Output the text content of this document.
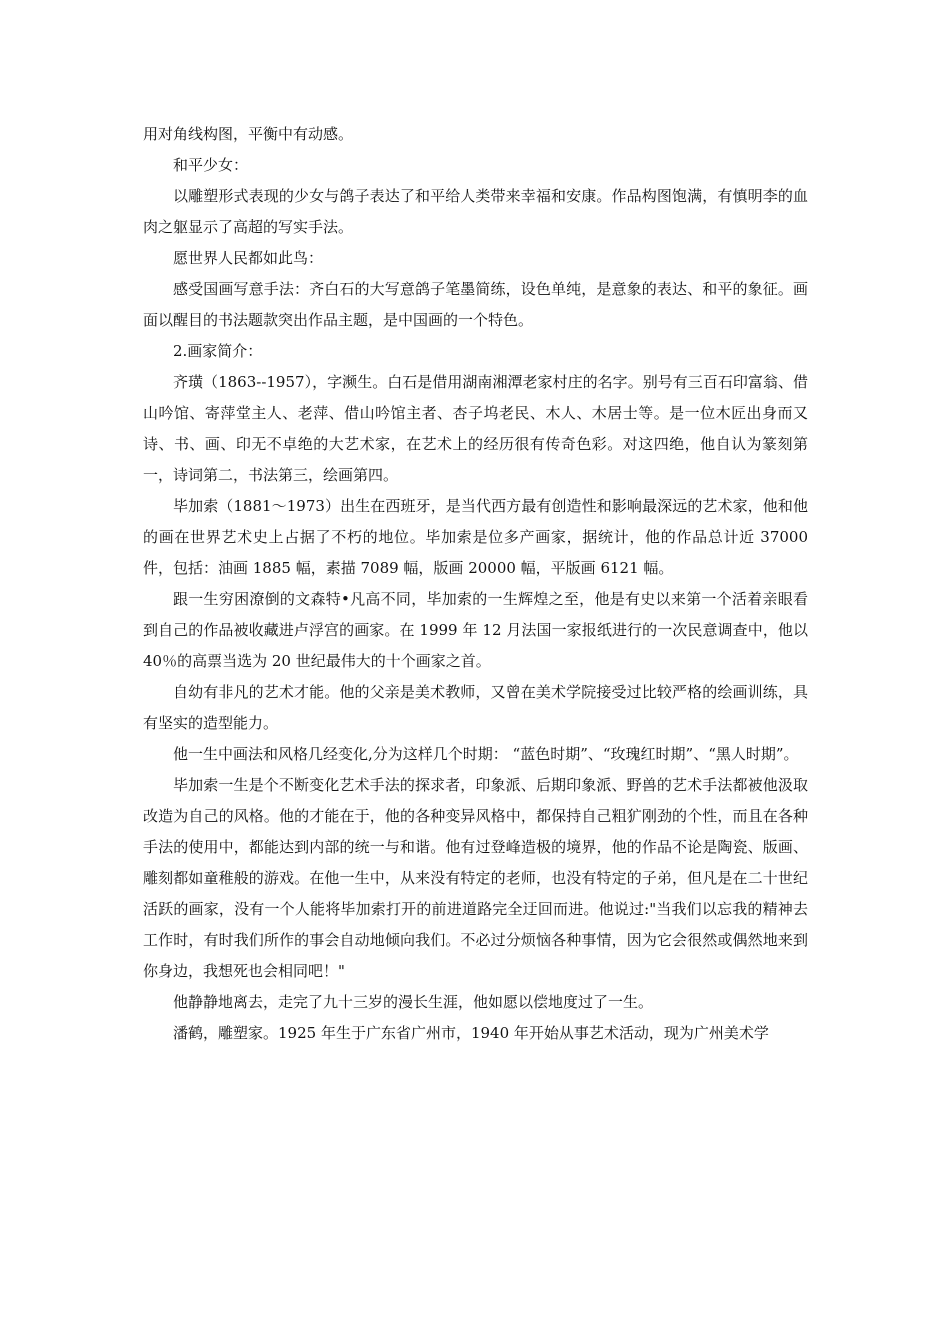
用对角线构图，平衡中有动感。

和平少女：

以雕塑形式表现的少女与鸽子表达了和平给人类带来幸福和安康。作品构图饱满，有慎明李的血肉之躯显示了高超的写实手法。

愿世界人民都如此鸟：

感受国画写意手法：齐白石的大写意鸽子笔墨简练，设色单纯，是意象的表达、和平的象征。画面以醒目的书法题款突出作品主题，是中国画的一个特色。

2.画家简介：

齐璜（1863--1957），字濒生。白石是借用湖南湘潭老家村庄的名字。别号有三百石印富翁、借山吟馆、寄萍堂主人、老萍、借山吟馆主者、杏子坞老民、木人、木居士等。是一位木匠出身而又诗、书、画、印无不卓绝的大艺术家，在艺术上的经历很有传奇色彩。对这四绝，他自认为篆刻第一，诗词第二，书法第三，绘画第四。

毕加索（1881～1973）出生在西班牙，是当代西方最有创造性和影响最深远的艺术家，他和他的画在世界艺术史上占据了不朽的地位。毕加索是位多产画家，据统计，他的作品总计近 37000 件，包括：油画 1885 幅，素描 7089 幅，版画 20000 幅，平版画 6121 幅。

跟一生穷困潦倒的文森特•凡高不同，毕加索的一生辉煌之至，他是有史以来第一个活着亲眼看到自己的作品被收藏进卢浮宫的画家。在 1999 年 12 月法国一家报纸进行的一次民意调查中，他以 40％的高票当选为 20 世纪最伟大的十个画家之首。

自幼有非凡的艺术才能。他的父亲是美术教师，又曾在美术学院接受过比较严格的绘画训练，具有坚实的造型能力。

他一生中画法和风格几经变化,分为这样几个时期： “蓝色时期”、“玫瑰红时期”、“黑人时期”。

毕加索一生是个不断变化艺术手法的探求者，印象派、后期印象派、野兽的艺术手法都被他汲取改造为自己的风格。他的才能在于，他的各种变异风格中，都保持自己粗犷刚劲的个性，而且在各种手法的使用中，都能达到内部的统一与和谐。他有过登峰造极的境界，他的作品不论是陶瓷、版画、雕刻都如童稚般的游戏。在他一生中，从来没有特定的老师，也没有特定的子弟，但凡是在二十世纪活跃的画家，没有一个人能将毕加索打开的前进道路完全迂回而进。他说过:"当我们以忘我的精神去工作时，有时我们所作的事会自动地倾向我们。不必过分烦恼各种事情，因为它会很然或偶然地来到你身边，我想死也会相同吧！"

他静静地离去，走完了九十三岁的漫长生涯，他如愿以偿地度过了一生。

潘鹤，雕塑家。1925 年生于广东省广州市，1940 年开始从事艺术活动，现为广州美术学
